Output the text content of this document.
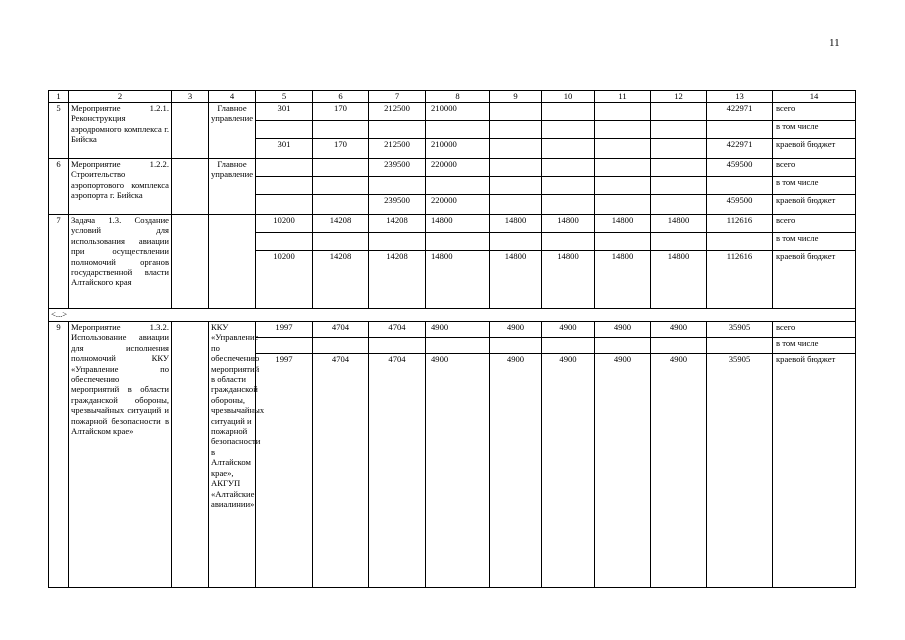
11
1	2	3	4	5	6	7	8	9	10	11	12	13	14
5	Мероприятие 1.2.1. Реконструкция аэродромного комплекса г. Бийска		Главное управление	301	170	212500	210000					422971	всего
													в том числе
				301	170	212500	210000					422971	краевой бюджет
6	Мероприятие 1.2.2. Строительство аэропортового комплекса аэропорта г. Бийска		Главное управление			239500	220000					459500	всего
													в том числе
						239500	220000					459500	краевой бюджет
7	Задача 1.3. Создание условий для использования авиации при осуществлении полномочий органов государственной власти Алтайского края			10200	14208	14208	14800	14800	14800	14800	14800	112616	всего
													в том числе
				10200	14208	14208	14800	14800	14800	14800	14800	112616	краевой бюджет
<...>													
9	Мероприятие 1.3.2. Использование авиации для исполнения полномочий ККУ «Управление по обеспечению мероприятий в области гражданской обороны, чрезвычайных ситуаций и пожарной безопасности в Алтайском крае»		ККУ «Управление по обеспечению мероприятий в области гражданской обороны, чрезвычайных ситуаций и пожарной безопасности в Алтайском крае», АКГУП «Алтайские авиалинии»	1997	4704	4704	4900	4900	4900	4900	4900	35905	всего
													в том числе
				1997	4704	4704	4900	4900	4900	4900	4900	35905	краевой бюджет
